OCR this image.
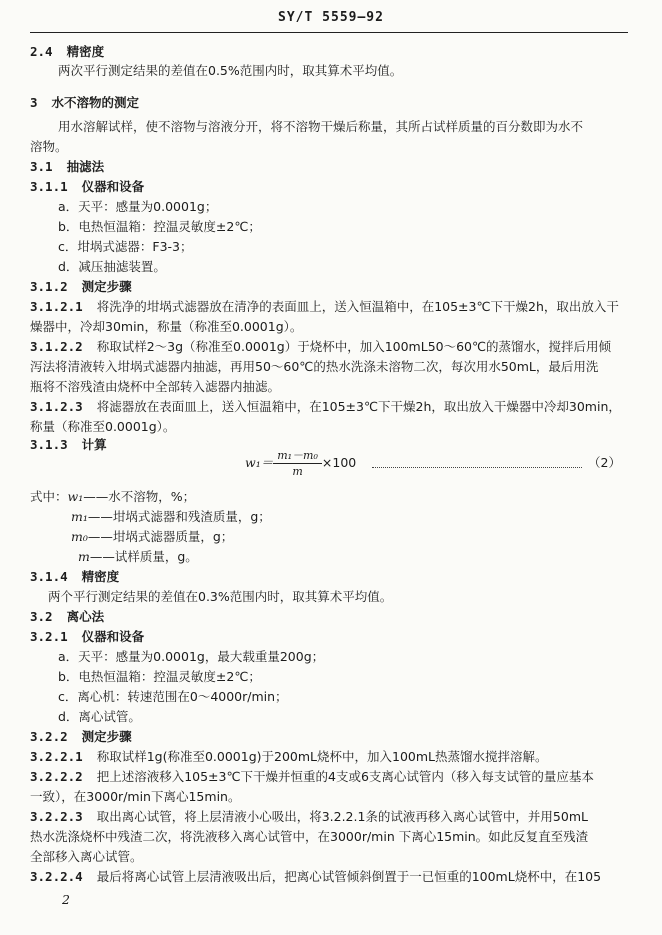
SY/T 5559—92
2.4 精密度
两次平行测定结果的差值在0.5%范围内时，取其算术平均值。
3 水不溶物的测定
用水溶解试样，使不溶物与溶液分开，将不溶物干燥后称量，其所占试样质量的百分数即为水不
溶物。
3.1 抽滤法
3.1.1 仪器和设备
a．天平：感量为0.0001g；
b．电热恒温箱：控温灵敏度±2℃；
c．坩埚式滤器：F3-3；
d．减压抽滤装置。
3.1.2 测定步骤
3.1.2.1 将洗净的坩埚式滤器放在清净的表面皿上，送入恒温箱中，在105±3℃下干燥2h，取出放入干
燥器中，冷却30min，称量（称准至0.0001g）。
3.1.2.2 称取试样2～3g（称准至0.0001g）于烧杯中，加入100mL50～60℃的蒸馏水，搅拌后用倾
泻法将清液转入坩埚式滤器内抽滤，再用50～60℃的热水洗涤未溶物二次，每次用水50mL，最后用洗
瓶将不溶残渣由烧杯中全部转入滤器内抽滤。
3.1.2.3 将滤器放在表面皿上，送入恒温箱中，在105±3℃下干燥2h，取出放入干燥器中冷却30min，
称量（称准至0.0001g）。
3.1.3 计算
$w_1= \frac{\text{m₁－m₀}}{m} \times 100$	（2）
式中：w₁——水不溶物，%；
m₁——坩埚式滤器和残渣质量，g；
m₀——坩埚式滤器质量，g；
m——试样质量，g。
3.1.4 精密度
两个平行测定结果的差值在0.3%范围内时，取其算术平均值。
3.2 离心法
3.2.1 仪器和设备
a．天平：感量为0.0001g，最大载重量200g；
b．电热恒温箱：控温灵敏度±2℃；
c．离心机：转速范围在0～4000r/min；
d．离心试管。
3.2.2 测定步骤
3.2.2.1 称取试样1g(称准至0.0001g)于200mL烧杯中，加入100mL热蒸馏水搅拌溶解。
3.2.2.2 把上述溶液移入105±3℃下干燥并恒重的4支或6支离心试管内（移入每支试管的量应基本
一致），在3000r/min下离心15min。
3.2.2.3 取出离心试管，将上层清液小心吸出，将3.2.2.1条的试液再移入离心试管中，并用50mL
热水洗涤烧杯中残渣二次，将洗液移入离心试管中，在3000r/min 下离心15min。如此反复直至残渣
全部移入离心试管。
3.2.2.4 最后将离心试管上层清液吸出后，把离心试管倾斜倒置于一已恒重的100mL烧杯中，在105
2
